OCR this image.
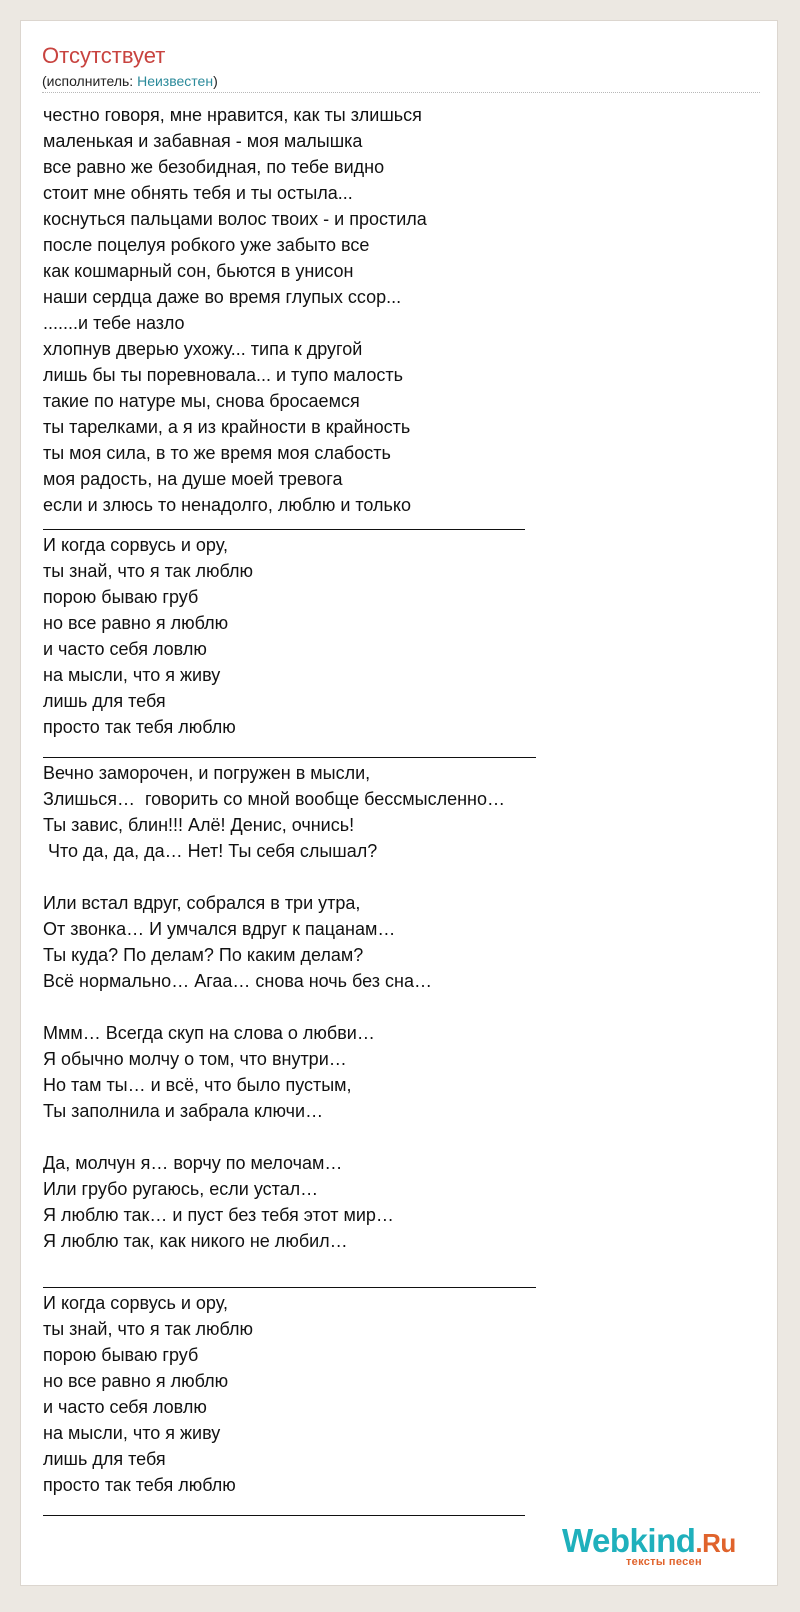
Отсутствует
(исполнитель: Неизвестен)

честно говоря, мне нравится, как ты злишься
маленькая и забавная - моя малышка
все равно же безобидная, по тебе видно
стоит мне обнять тебя и ты остыла...
коснуться пальцами волос твоих - и простила
после поцелуя робкого уже забыто все
как кошмарный сон, бьются в унисон
наши сердца даже во время глупых ссор...
.......и тебе назло
хлопнув дверью ухожу... типа к другой
лишь бы ты поревновала... и тупо малость
такие по натуре мы, снова бросаемся
ты тарелками, а я из крайности в крайность
ты моя сила, в то же время моя слабость
моя радость, на душе моей тревога
если и злюсь то ненадолго, люблю и только

И когда сорвусь и ору,
ты знай, что я так люблю
порою бываю груб
но все равно я люблю
и часто себя ловлю
на мысли, что я живу
лишь для тебя
просто так тебя люблю

Вечно заморочен, и погружен в мысли,
Злишься…  говорить со мной вообще бессмысленно…
Ты завис, блин!!! Алё! Денис, очнись!
Что да, да, да… Нет! Ты себя слышал?

Или встал вдруг, собрался в три утра,
От звонка… И умчался вдруг к пацанам…
Ты куда? По делам? По каким делам?
Всё нормально… Агаа… снова ночь без сна…

Ммм… Всегда скуп на слова о любви…
Я обычно молчу о том, что внутри…
Но там ты… и всё, что было пустым,
Ты заполнила и забрала ключи…

Да, молчун я… ворчу по мелочам…
Или грубо ругаюсь, если устал…
Я люблю так… и пуст без тебя этот мир…
Я люблю так, как никого не любил…

И когда сорвусь и ору,
ты знай, что я так люблю
порою бываю груб
но все равно я люблю
и часто себя ловлю
на мысли, что я живу
лишь для тебя
просто так тебя люблю

Webkind.Ru
тексты песен
